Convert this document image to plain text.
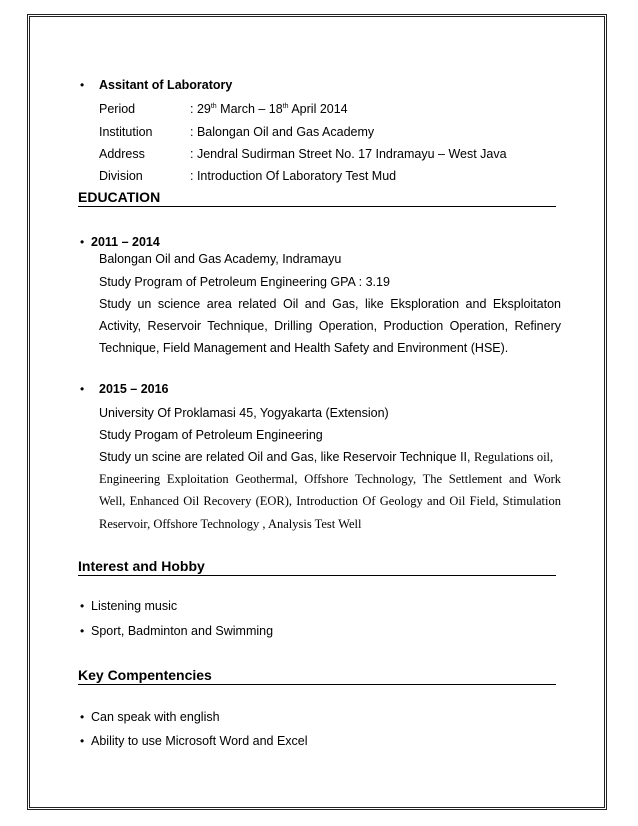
• Assitant of Laboratory
Period	: 29th March – 18th April 2014
Institution	: Balongan Oil and Gas Academy
Address	: Jendral Sudirman Street No. 17 Indramayu – West Java
Division	: Introduction Of Laboratory Test Mud
EDUCATION
• 2011 – 2014
Balongan Oil and Gas Academy, Indramayu
Study Program of Petroleum Engineering GPA : 3.19
Study un science area related Oil and Gas, like Eksploration and Eksploitaton
Activity, Reservoir Technique, Drilling Operation, Production Operation, Refinery
Technique, Field Management and Health Safety and Environment (HSE).
• 2015 – 2016
University Of Proklamasi 45, Yogyakarta (Extension)
Study Progam of Petroleum Engineering
Study un scine are related Oil and Gas, like Reservoir Technique II, Regulations oil,
Engineering Exploitation Geothermal, Offshore Technology, The Settlement and Work
Well, Enhanced Oil Recovery (EOR), Introduction Of Geology and Oil Field, Stimulation
Reservoir, Offshore Technology , Analysis Test Well
Interest and Hobby
• Listening music
• Sport, Badminton and Swimming
Key Compentencies
• Can speak with english
• Ability to use Microsoft Word and Excel
